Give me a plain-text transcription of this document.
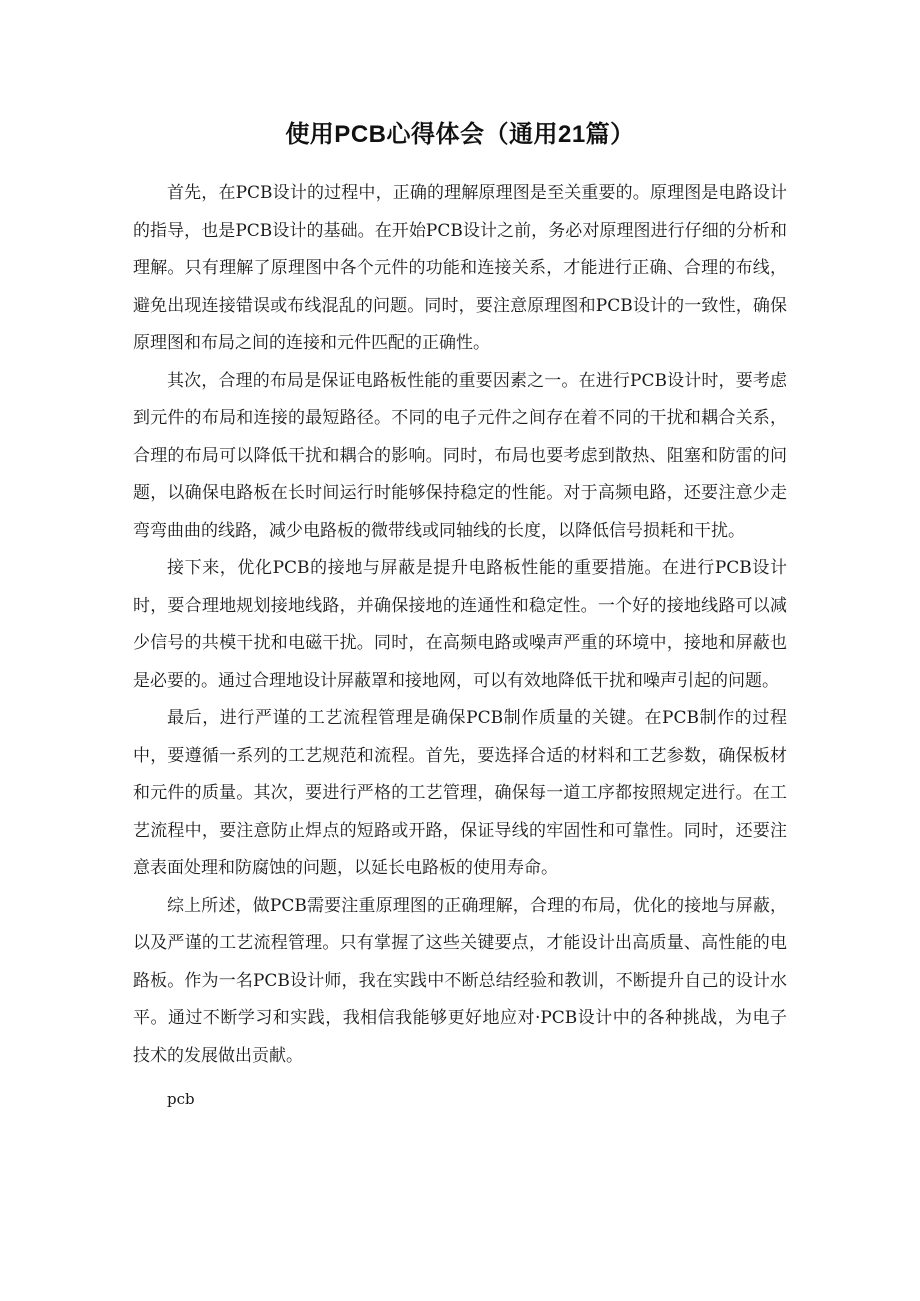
使用PCB心得体会（通用21篇）

首先，在PCB设计的过程中，正确的理解原理图是至关重要的。原理图是电路设计的指导，也是PCB设计的基础。在开始PCB设计之前，务必对原理图进行仔细的分析和理解。只有理解了原理图中各个元件的功能和连接关系，才能进行正确、合理的布线，避免出现连接错误或布线混乱的问题。同时，要注意原理图和PCB设计的一致性，确保原理图和布局之间的连接和元件匹配的正确性。

其次，合理的布局是保证电路板性能的重要因素之一。在进行PCB设计时，要考虑到元件的布局和连接的最短路径。不同的电子元件之间存在着不同的干扰和耦合关系，合理的布局可以降低干扰和耦合的影响。同时，布局也要考虑到散热、阻塞和防雷的问题，以确保电路板在长时间运行时能够保持稳定的性能。对于高频电路，还要注意少走弯弯曲曲的线路，减少电路板的微带线或同轴线的长度，以降低信号损耗和干扰。

接下来，优化PCB的接地与屏蔽是提升电路板性能的重要措施。在进行PCB设计时，要合理地规划接地线路，并确保接地的连通性和稳定性。一个好的接地线路可以减少信号的共模干扰和电磁干扰。同时，在高频电路或噪声严重的环境中，接地和屏蔽也是必要的。通过合理地设计屏蔽罩和接地网，可以有效地降低干扰和噪声引起的问题。

最后，进行严谨的工艺流程管理是确保PCB制作质量的关键。在PCB制作的过程中，要遵循一系列的工艺规范和流程。首先，要选择合适的材料和工艺参数，确保板材和元件的质量。其次，要进行严格的工艺管理，确保每一道工序都按照规定进行。在工艺流程中，要注意防止焊点的短路或开路，保证导线的牢固性和可靠性。同时，还要注意表面处理和防腐蚀的问题，以延长电路板的使用寿命。

综上所述，做PCB需要注重原理图的正确理解，合理的布局，优化的接地与屏蔽，以及严谨的工艺流程管理。只有掌握了这些关键要点，才能设计出高质量、高性能的电路板。作为一名PCB设计师，我在实践中不断总结经验和教训，不断提升自己的设计水平。通过不断学习和实践，我相信我能够更好地应对·PCB设计中的各种挑战，为电子技术的发展做出贡献。

pcb
